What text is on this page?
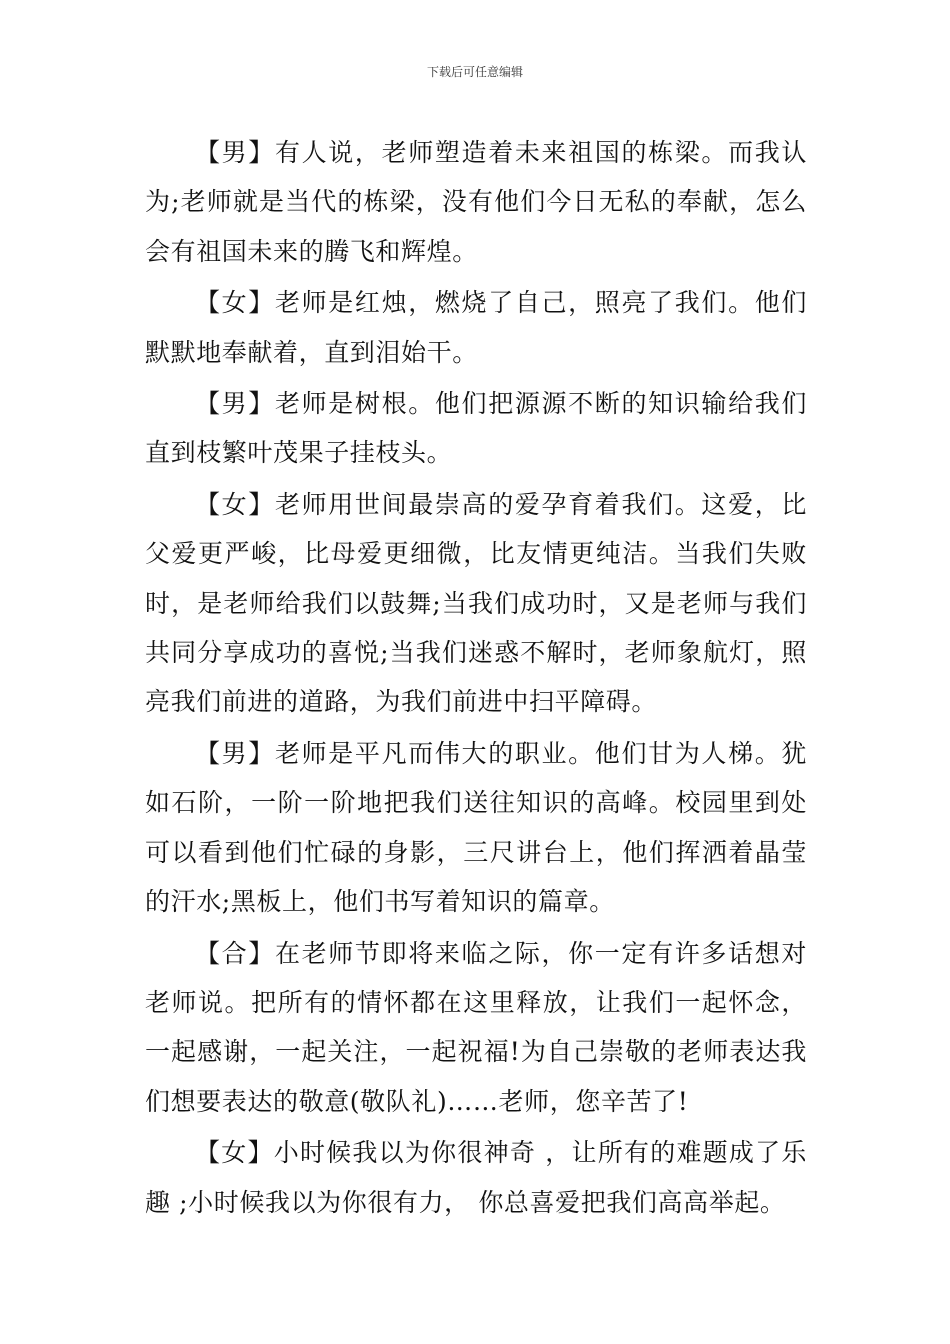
下载后可任意编辑

【男】有人说，老师塑造着未来祖国的栋梁。而我认为;老师就是当代的栋梁，没有他们今日无私的奉献，怎么会有祖国未来的腾飞和辉煌。

【女】老师是红烛，燃烧了自己，照亮了我们。他们默默地奉献着，直到泪始干。

【男】老师是树根。他们把源源不断的知识输给我们直到枝繁叶茂果子挂枝头。

【女】老师用世间最崇高的爱孕育着我们。这爱，比父爱更严峻，比母爱更细微，比友情更纯洁。当我们失败时，是老师给我们以鼓舞;当我们成功时，又是老师与我们共同分享成功的喜悦;当我们迷惑不解时，老师象航灯，照亮我们前进的道路，为我们前进中扫平障碍。

【男】老师是平凡而伟大的职业。他们甘为人梯。犹如石阶，一阶一阶地把我们送往知识的高峰。校园里到处可以看到他们忙碌的身影，三尺讲台上，他们挥洒着晶莹的汗水;黑板上，他们书写着知识的篇章。

【合】在老师节即将来临之际，你一定有许多话想对老师说。把所有的情怀都在这里释放，让我们一起怀念，一起感谢，一起关注，一起祝福!为自己崇敬的老师表达我们想要表达的敬意(敬队礼)……老师，您辛苦了!

【女】小时候我以为你很神奇 ，让所有的难题成了乐趣 ;小时候我以为你很有力， 你总喜爱把我们高高举起。
